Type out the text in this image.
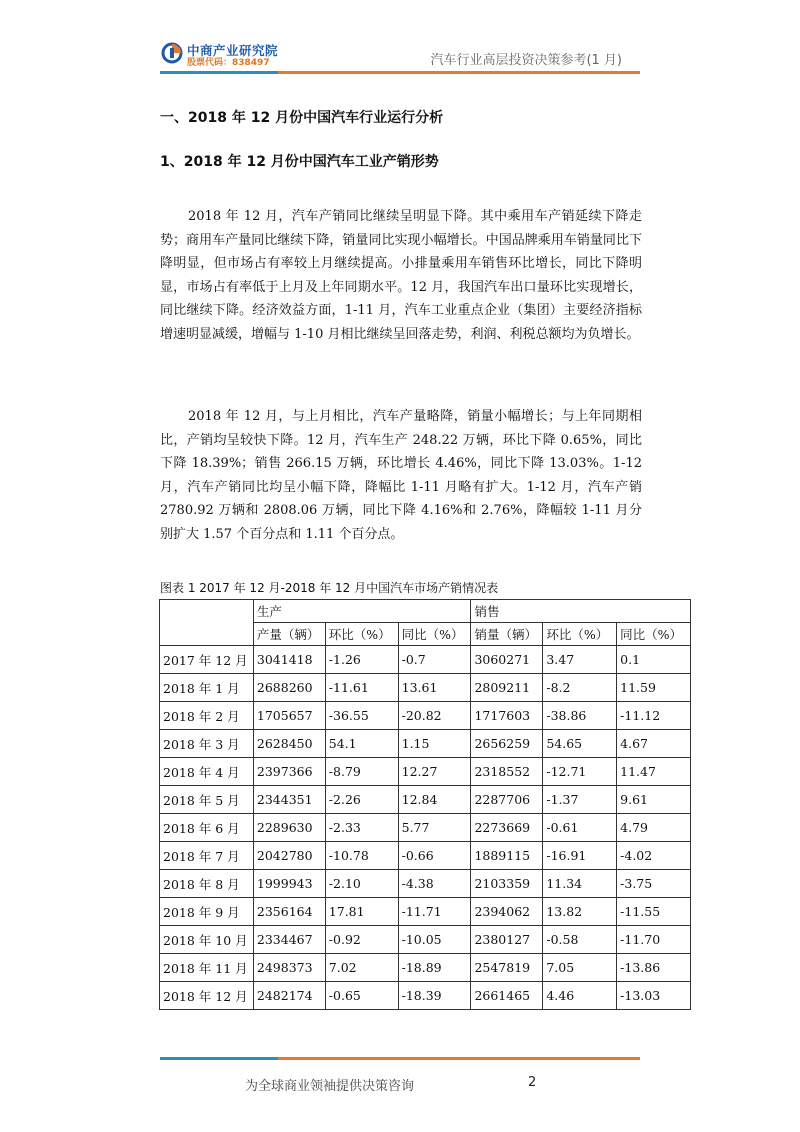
中商产业研究院
股票代码：838497	汽车行业高层投资决策参考(1 月)
一、2018 年 12 月份中国汽车行业运行分析
1、2018 年 12 月份中国汽车工业产销形势

2018 年 12 月，汽车产销同比继续呈明显下降。其中乘用车产销延续下降走势；商用车产量同比继续下降，销量同比实现小幅增长。中国品牌乘用车销量同比下降明显，但市场占有率较上月继续提高。小排量乘用车销售环比增长，同比下降明显，市场占有率低于上月及上年同期水平。12 月，我国汽车出口量环比实现增长，同比继续下降。经济效益方面，1-11 月，汽车工业重点企业（集团）主要经济指标增速明显减缓，增幅与 1-10 月相比继续呈回落走势，利润、利税总额均为负增长。

2018 年 12 月，与上月相比，汽车产量略降，销量小幅增长；与上年同期相比，产销均呈较快下降。12 月，汽车生产 248.22 万辆，环比下降 0.65%，同比下降 18.39%；销售 266.15 万辆，环比增长 4.46%，同比下降 13.03%。1-12 月，汽车产销同比均呈小幅下降，降幅比 1-11 月略有扩大。1-12 月，汽车产销 2780.92 万辆和 2808.06 万辆，同比下降 4.16%和 2.76%，降幅较 1-11 月分别扩大 1.57 个百分点和 1.11 个百分点。

图表 1 2017 年 12 月-2018 年 12 月中国汽车市场产销情况表
	生产			销售		
	产量（辆）	环比（%）	同比（%）	销量（辆）	环比（%）	同比（%）
2017 年 12 月	3041418	-1.26	-0.7	3060271	3.47	0.1
2018 年 1 月	2688260	-11.61	13.61	2809211	-8.2	11.59
2018 年 2 月	1705657	-36.55	-20.82	1717603	-38.86	-11.12
2018 年 3 月	2628450	54.1	1.15	2656259	54.65	4.67
2018 年 4 月	2397366	-8.79	12.27	2318552	-12.71	11.47
2018 年 5 月	2344351	-2.26	12.84	2287706	-1.37	9.61
2018 年 6 月	2289630	-2.33	5.77	2273669	-0.61	4.79
2018 年 7 月	2042780	-10.78	-0.66	1889115	-16.91	-4.02
2018 年 8 月	1999943	-2.10	-4.38	2103359	11.34	-3.75
2018 年 9 月	2356164	17.81	-11.71	2394062	13.82	-11.55
2018 年 10 月	2334467	-0.92	-10.05	2380127	-0.58	-11.70
2018 年 11 月	2498373	7.02	-18.89	2547819	7.05	-13.86
2018 年 12 月	2482174	-0.65	-18.39	2661465	4.46	-13.03
为全球商业领袖提供决策咨询	2
